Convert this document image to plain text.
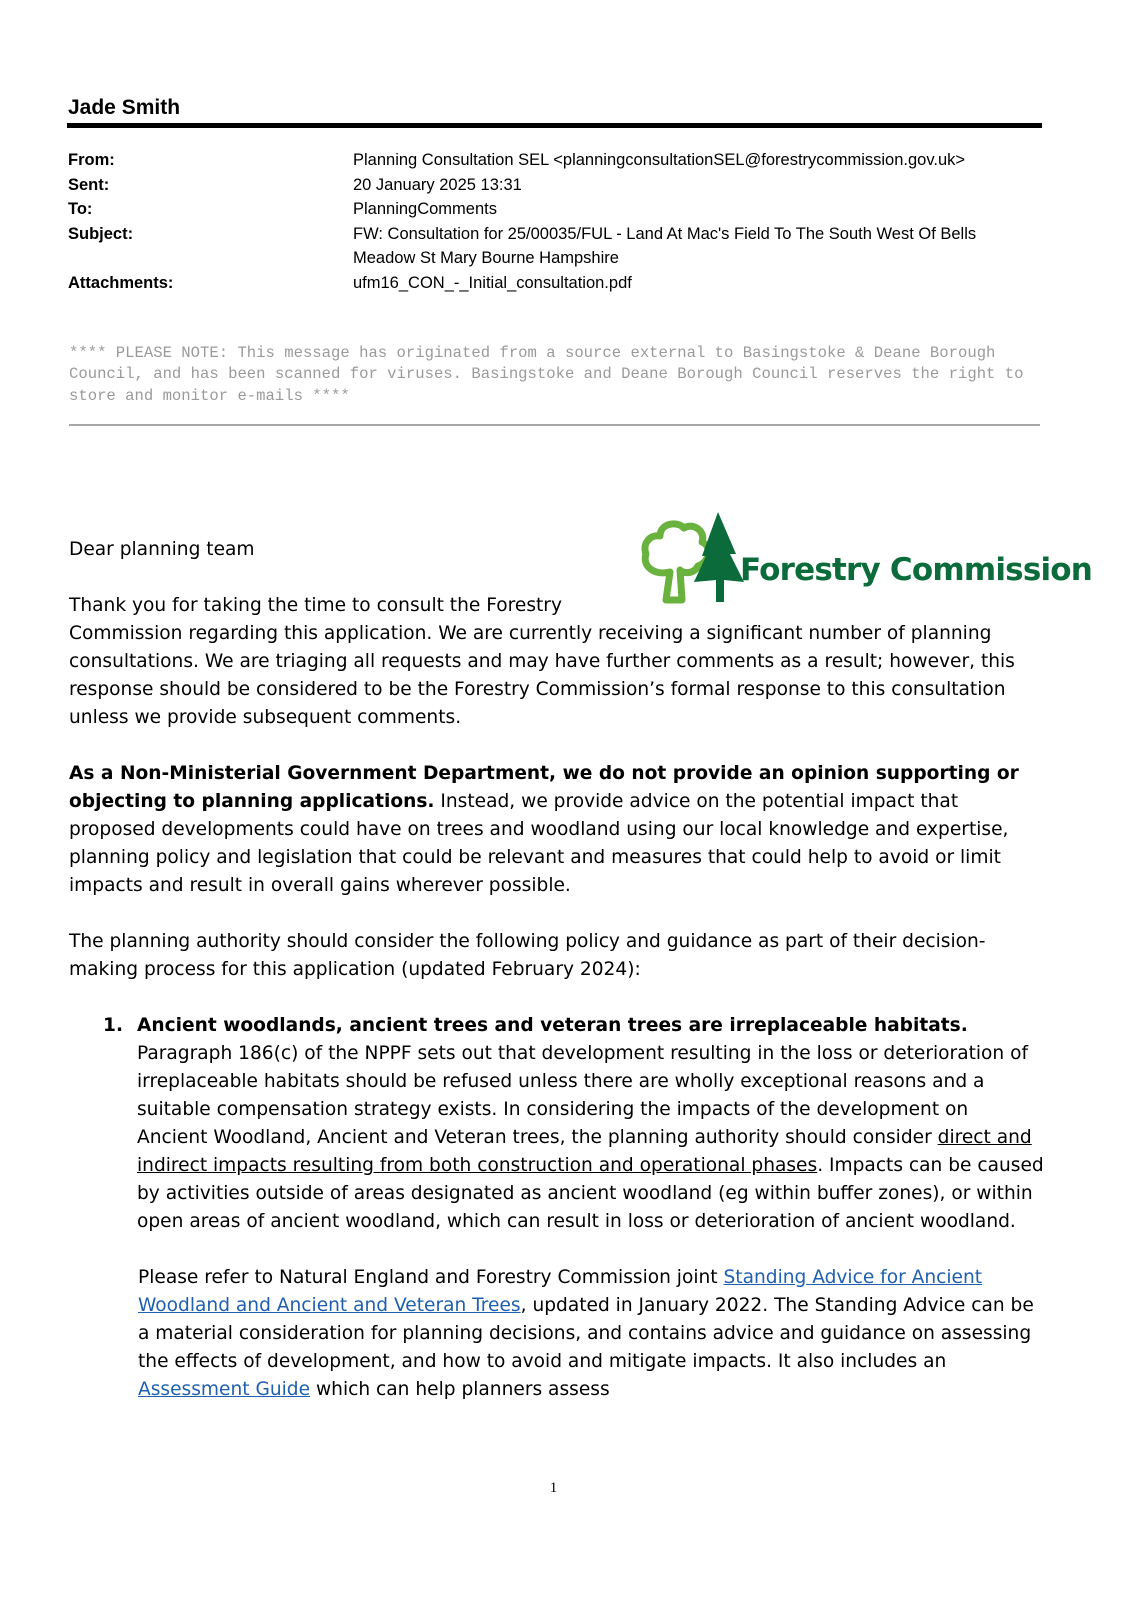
Jade Smith
From:	Planning Consultation SEL <planningconsultationSEL@forestrycommission.gov.uk>
Sent:	20 January 2025 13:31
To:	PlanningComments
Subject:	FW: Consultation for 25/00035/FUL - Land At Mac's Field To The South West Of Bells Meadow St Mary Bourne Hampshire
Attachments:	ufm16_CON_-_Initial_consultation.pdf
**** PLEASE NOTE: This message has originated from a source external to Basingstoke & Deane Borough Council, and has been scanned for viruses. Basingstoke and Deane Borough Council reserves the right to store and monitor e-mails ****
Forestry Commission

Dear planning team

Thank you for taking the time to consult the Forestry Commission regarding this application. We are currently receiving a significant number of planning consultations. We are triaging all requests and may have further comments as a result; however, this response should be considered to be the Forestry Commission’s formal response to this consultation unless we provide subsequent comments.

As a Non-Ministerial Government Department, we do not provide an opinion supporting or objecting to planning applications. Instead, we provide advice on the potential impact that proposed developments could have on trees and woodland using our local knowledge and expertise, planning policy and legislation that could be relevant and measures that could help to avoid or limit impacts and result in overall gains wherever possible.

The planning authority should consider the following policy and guidance as part of their decision-making process for this application (updated February 2024):

1. Ancient woodlands, ancient trees and veteran trees are irreplaceable habitats. Paragraph 186(c) of the NPPF sets out that development resulting in the loss or deterioration of irreplaceable habitats should be refused unless there are wholly exceptional reasons and a suitable compensation strategy exists. In considering the impacts of the development on Ancient Woodland, Ancient and Veteran trees, the planning authority should consider direct and indirect impacts resulting from both construction and operational phases. Impacts can be caused by activities outside of areas designated as ancient woodland (eg within buffer zones), or within open areas of ancient woodland, which can result in loss or deterioration of ancient woodland.

Please refer to Natural England and Forestry Commission joint Standing Advice for Ancient Woodland and Ancient and Veteran Trees, updated in January 2022. The Standing Advice can be a material consideration for planning decisions, and contains advice and guidance on assessing the effects of development, and how to avoid and mitigate impacts. It also includes an Assessment Guide which can help planners assess

1
